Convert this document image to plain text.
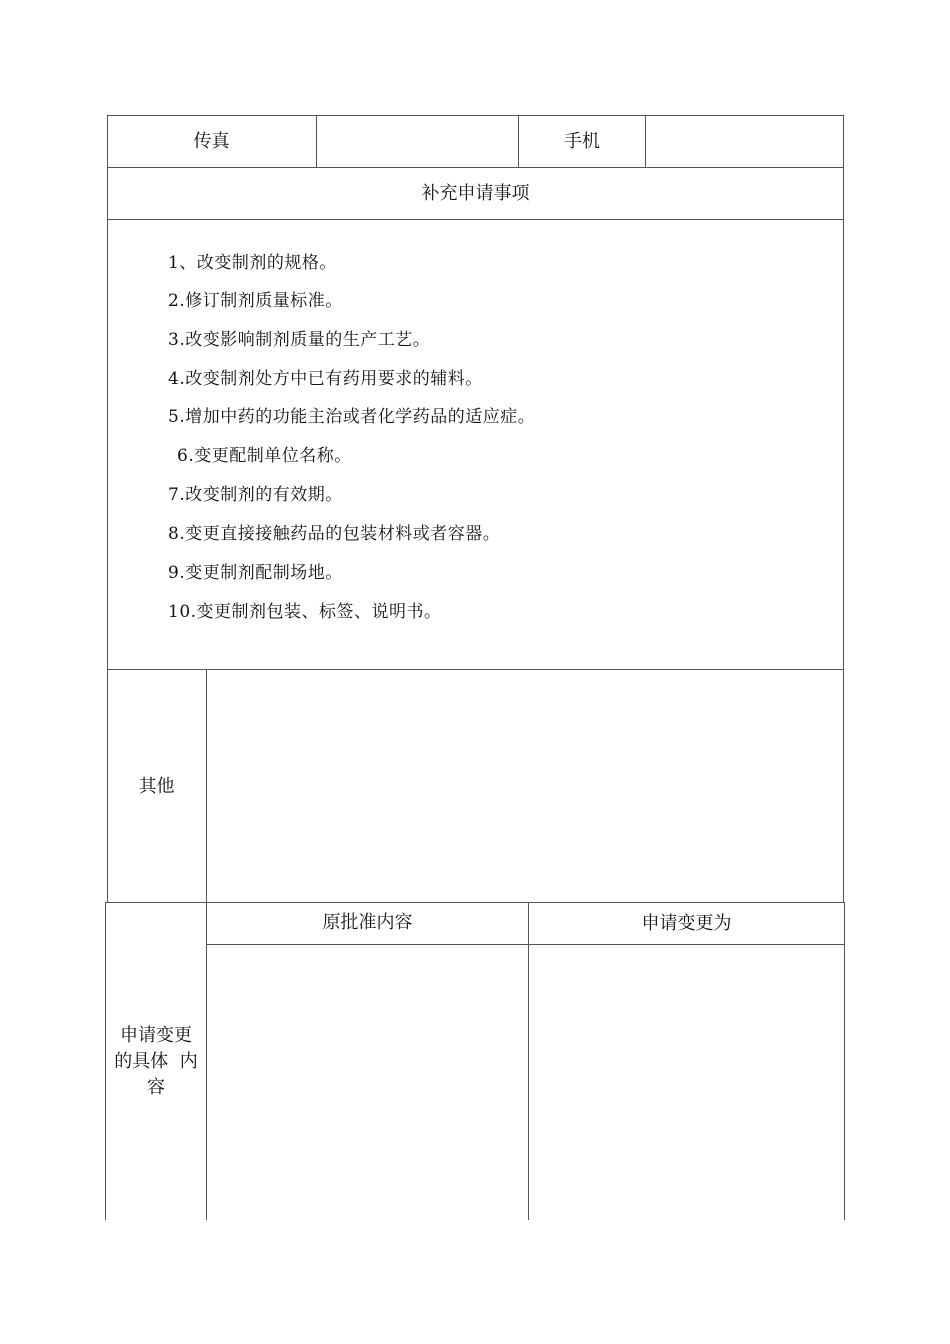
传真	手机
补充申请事项
1、改变制剂的规格。
2.修订制剂质量标准。
3.改变影响制剂质量的生产工艺。
4.改变制剂处方中已有药用要求的辅料。
5.增加中药的功能主治或者化学药品的适应症。
6.变更配制单位名称。
7.改变制剂的有效期。
8.变更直接接触药品的包装材料或者容器。
9.变更制剂配制场地。
10.变更制剂包装、标签、说明书。
其他
申请变更
的具体  内
容
原批准内容	申请变更为
